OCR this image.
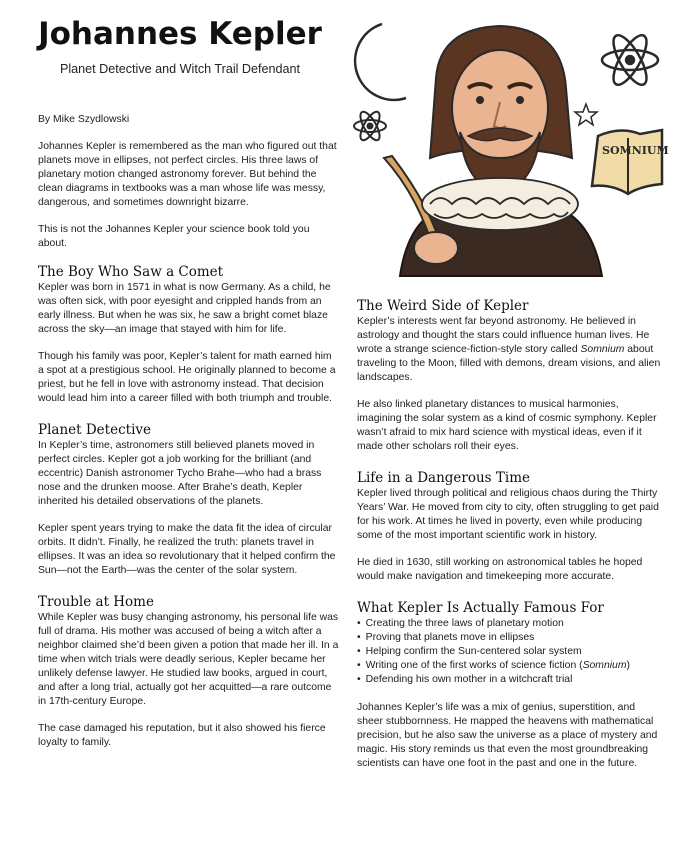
Johannes Kepler
Planet Detective and Witch Trail Defendant
By Mike Szydlowski
SOMNIUM

Johannes Kepler is remembered as the man who figured out that planets move in ellipses, not perfect circles. His three laws of planetary motion changed astronomy forever. But behind the clean diagrams in textbooks was a man whose life was messy, dangerous, and sometimes downright bizarre.

This is not the Johannes Kepler your science book told you about.

The Boy Who Saw a Comet

Kepler was born in 1571 in what is now Germany. As a child, he was often sick, with poor eyesight and crippled hands from an early illness. But when he was six, he saw a bright comet blaze across the sky—an image that stayed with him for life.

Though his family was poor, Kepler’s talent for math earned him a spot at a prestigious school. He originally planned to become a priest, but he fell in love with astronomy instead. That decision would lead him into a career filled with both triumph and trouble.

Planet Detective

In Kepler’s time, astronomers still believed planets moved in perfect circles. Kepler got a job working for the brilliant (and eccentric) Danish astronomer Tycho Brahe—who had a brass nose and the drunken moose. After Brahe’s death, Kepler inherited his detailed observations of the planets.

Kepler spent years trying to make the data fit the idea of circular orbits. It didn’t. Finally, he realized the truth: planets travel in ellipses. It was an idea so revolutionary that it helped confirm the Sun—not the Earth—was the center of the solar system.

Trouble at Home

While Kepler was busy changing astronomy, his personal life was full of drama. His mother was accused of being a witch after a neighbor claimed she’d been given a potion that made her ill. In a time when witch trials were deadly serious, Kepler became her unlikely defense lawyer. He studied law books, argued in court, and after a long trial, actually got her acquitted—a rare outcome in 17th-century Europe.

The case damaged his reputation, but it also showed his fierce loyalty to family.

The Weird Side of Kepler

Kepler’s interests went far beyond astronomy. He believed in astrology and thought the stars could influence human lives. He wrote a strange science-fiction-style story called Somnium about traveling to the Moon, filled with demons, dream visions, and alien landscapes.

He also linked planetary distances to musical harmonies, imagining the solar system as a kind of cosmic symphony. Kepler wasn’t afraid to mix hard science with mystical ideas, even if it made other scholars roll their eyes.

Life in a Dangerous Time

Kepler lived through political and religious chaos during the Thirty Years’ War. He moved from city to city, often struggling to get paid for his work. At times he lived in poverty, even while producing some of the most important scientific work in history.

He died in 1630, still working on astronomical tables he hoped would make navigation and timekeeping more accurate.

What Kepler Is Actually Famous For
• Creating the three laws of planetary motion
• Proving that planets move in ellipses
• Helping confirm the Sun-centered solar system
• Writing one of the first works of science fiction (Somnium)
• Defending his own mother in a witchcraft trial

Johannes Kepler’s life was a mix of genius, superstition, and sheer stubbornness. He mapped the heavens with mathematical precision, but he also saw the universe as a place of mystery and magic. His story reminds us that even the most groundbreaking scientists can have one foot in the past and one in the future.
